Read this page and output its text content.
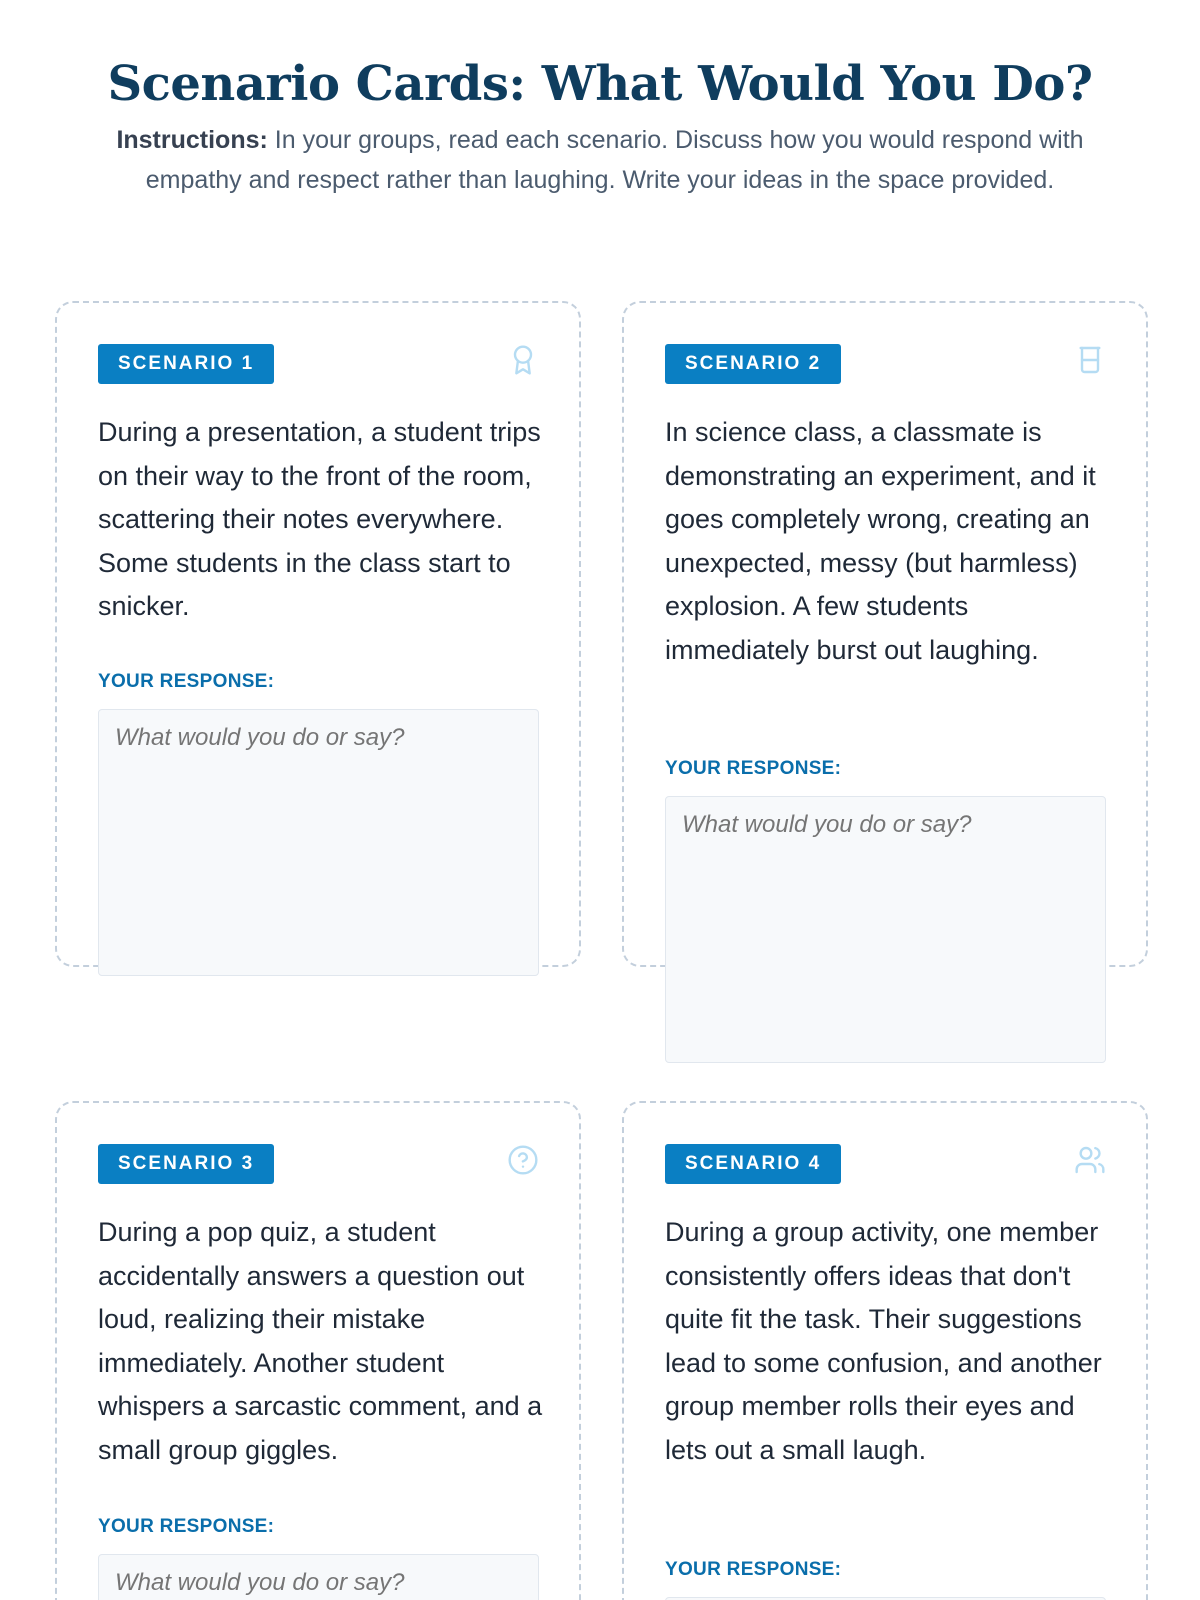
Scenario Cards: What Would You Do?

Instructions: In your groups, read each scenario. Discuss how you would respond with empathy and respect rather than laughing. Write your ideas in the space provided.

SCENARIO 1

During a presentation, a student trips on their way to the front of the room, scattering their notes everywhere. Some students in the class start to snicker.

YOUR RESPONSE:
What would you do or say?
SCENARIO 2

In science class, a classmate is demonstrating an experiment, and it goes completely wrong, creating an unexpected, messy (but harmless) explosion. A few students immediately burst out laughing.

YOUR RESPONSE:
What would you do or say?
SCENARIO 3

During a pop quiz, a student accidentally answers a question out loud, realizing their mistake immediately. Another student whispers a sarcastic comment, and a small group giggles.

YOUR RESPONSE:
What would you do or say?
SCENARIO 4

During a group activity, one member consistently offers ideas that don't quite fit the task. Their suggestions lead to some confusion, and another group member rolls their eyes and lets out a small laugh.

YOUR RESPONSE:
What would you do or say?
